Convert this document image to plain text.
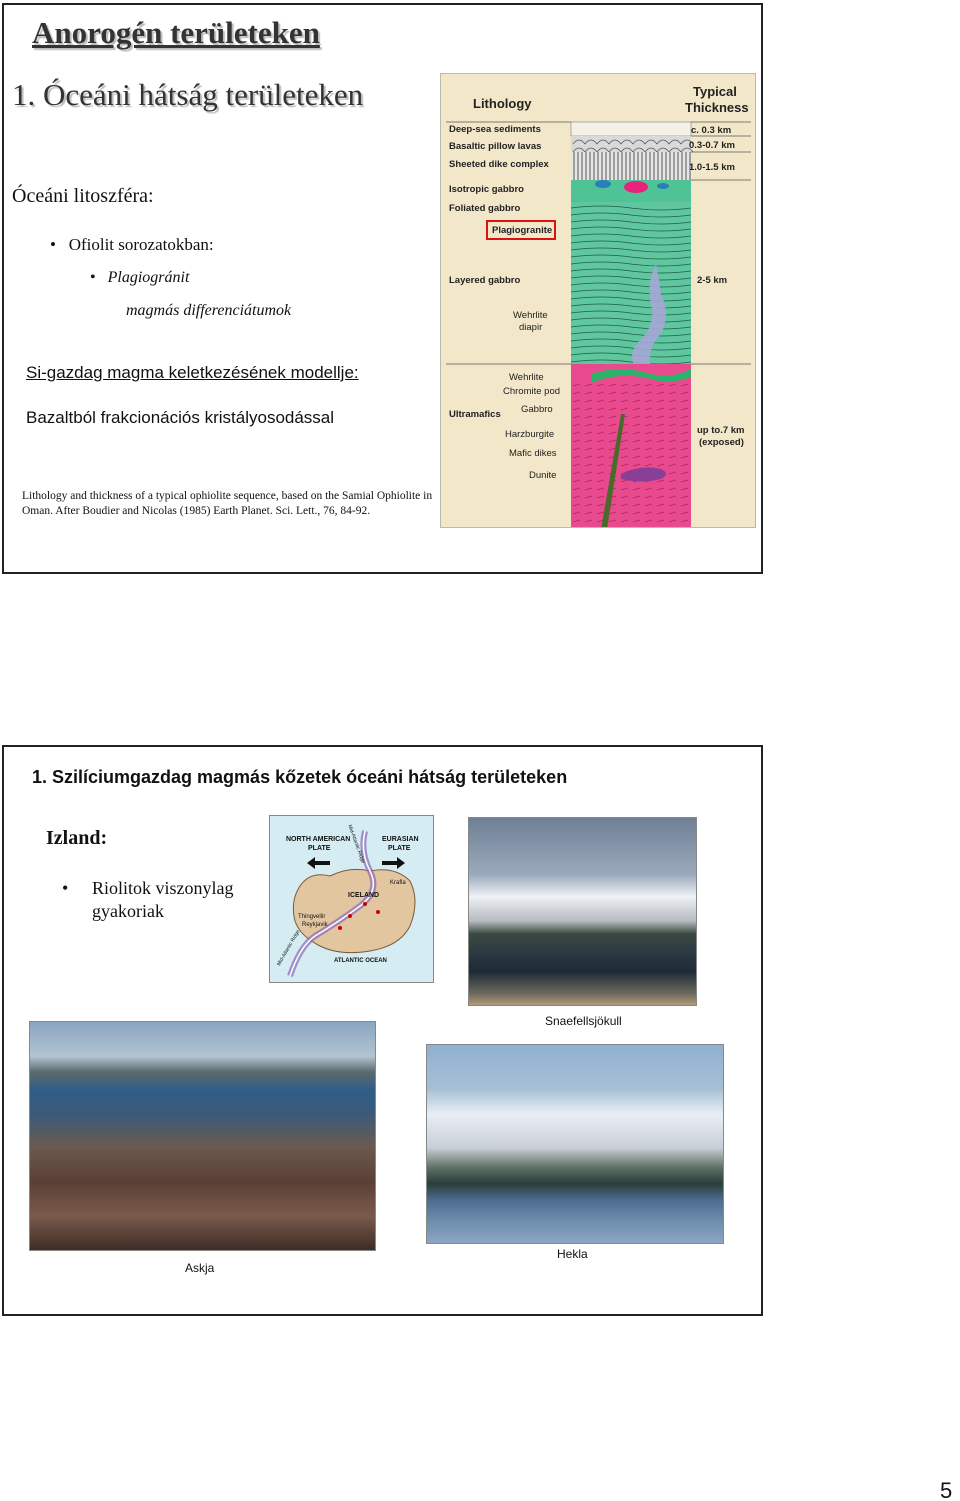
Anorogén területeken
1. Óceáni hátság területeken
Óceáni litoszféra:
• Ofiolit sorozatokban:
• Plagiogránit
magmás differenciátumok
Si-gazdag magma keletkezésének modellje:
Bazaltból frakcionációs kristályosodással
Lithology and thickness of a typical ophiolite sequence, based on the Samial Ophiolite in Oman. After Boudier and Nicolas (1985) Earth Planet. Sci. Lett., 76, 84-92.
Lithology
Typical
Thickness
Deep-sea sediments
Basaltic pillow lavas
Sheeted dike complex
Isotropic gabbro
Foliated gabbro
Plagiogranite
Layered gabbro
Wehrlite
diapir
Ultramafics
Wehrlite
Chromite pod
Gabbro
Harzburgite
Mafic dikes
Dunite
c. 0.3 km
0.3-0.7 km
1.0-1.5 km
2-5 km
up to.7 km
(exposed)
1. Szilíciumgazdag magmás kőzetek óceáni hátság területeken
Izland:
• Riolitok viszonylag gyakoriak
NORTH AMERICAN
PLATE
EURASIAN
PLATE
Mid-Atlantic Ridge
ICELAND
Krafla
Thingvellir
Reykjavik
Mid-Atlantic Ridge	ATLANTIC OCEAN
Snaefellsjökull
Askja
Hekla
5
